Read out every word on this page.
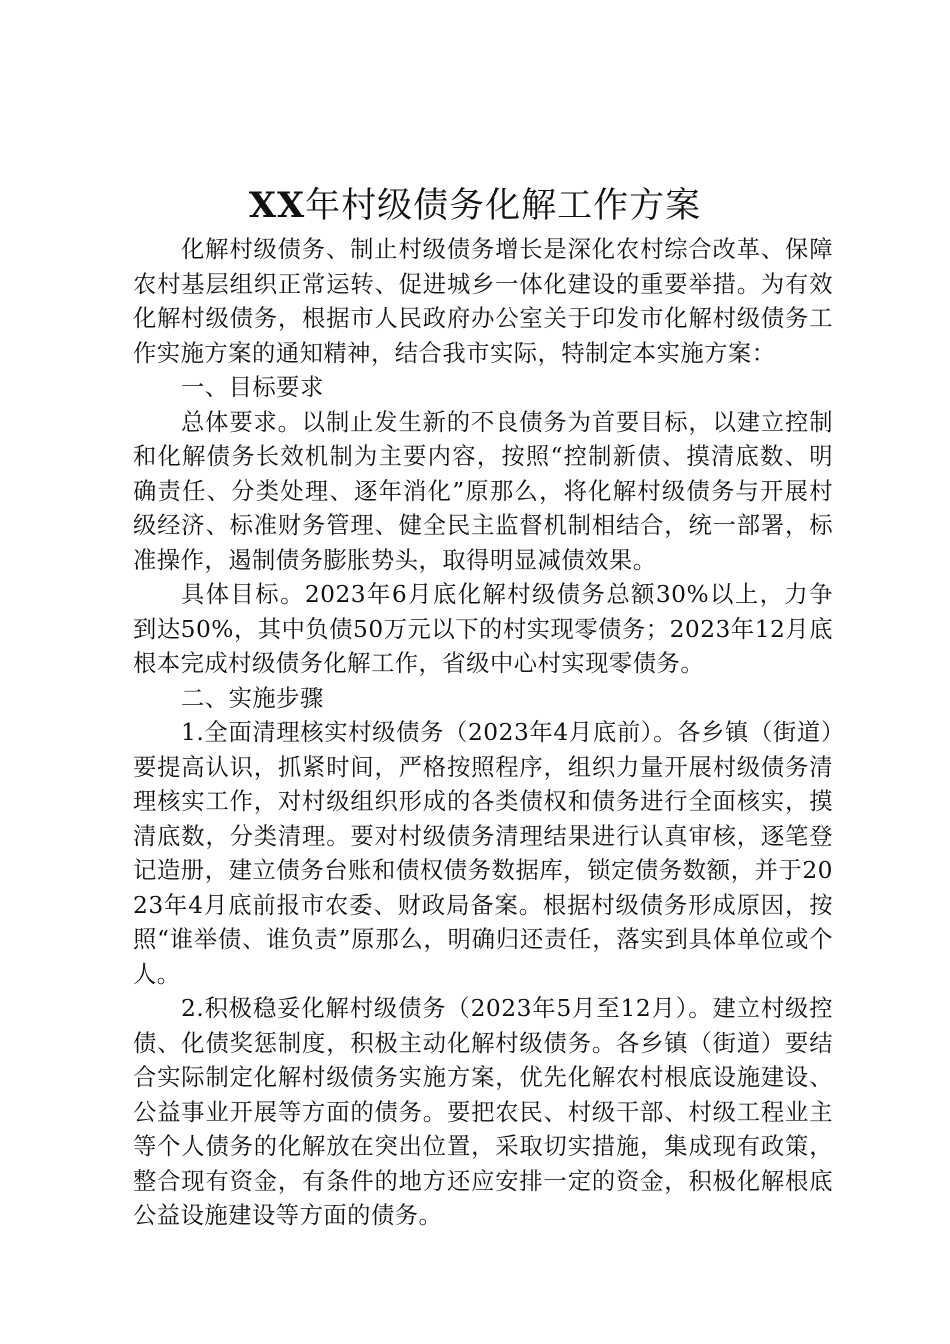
XX年村级债务化解工作方案

化解村级债务、制止村级债务增长是深化农村综合改革、保障农村基层组织正常运转、促进城乡一体化建设的重要举措。为有效化解村级债务，根据市人民政府办公室关于印发市化解村级债务工作实施方案的通知精神，结合我市实际，特制定本实施方案：

一、目标要求

总体要求。以制止发生新的不良债务为首要目标，以建立控制和化解债务长效机制为主要内容，按照“控制新债、摸清底数、明确责任、分类处理、逐年消化”原那么，将化解村级债务与开展村级经济、标准财务管理、健全民主监督机制相结合，统一部署，标准操作，遏制债务膨胀势头，取得明显减债效果。

具体目标。2023年6月底化解村级债务总额30%以上，力争到达50%，其中负债50万元以下的村实现零债务；2023年12月底根本完成村级债务化解工作，省级中心村实现零债务。

二、实施步骤

1.全面清理核实村级债务（2023年4月底前）。各乡镇（街道）要提高认识，抓紧时间，严格按照程序，组织力量开展村级债务清理核实工作，对村级组织形成的各类债权和债务进行全面核实，摸清底数，分类清理。要对村级债务清理结果进行认真审核，逐笔登记造册，建立债务台账和债权债务数据库，锁定债务数额，并于2023年4月底前报市农委、财政局备案。根据村级债务形成原因，按照“谁举债、谁负责”原那么，明确归还责任，落实到具体单位或个人。

2.积极稳妥化解村级债务（2023年5月至12月）。建立村级控债、化债奖惩制度，积极主动化解村级债务。各乡镇（街道）要结合实际制定化解村级债务实施方案，优先化解农村根底设施建设、公益事业开展等方面的债务。要把农民、村级干部、村级工程业主等个人债务的化解放在突出位置，采取切实措施，集成现有政策，整合现有资金，有条件的地方还应安排一定的资金，积极化解根底公益设施建设等方面的债务。
